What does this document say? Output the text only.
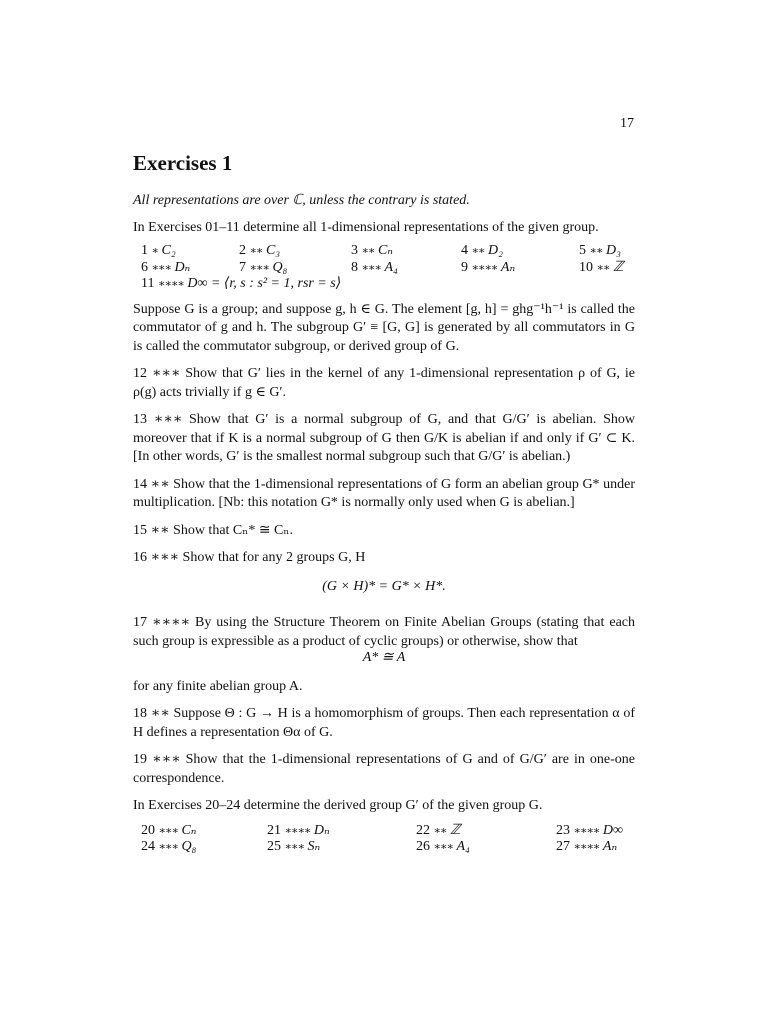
17
Exercises 1

All representations are over ℂ, unless the contrary is stated.

In Exercises 01–11 determine all 1-dimensional representations of the given group.

1 ∗ C₂	2 ∗∗ C₃	3 ∗∗ Cₙ	4 ∗∗ D₂	5 ∗∗ D₃
6 ∗∗∗ Dₙ	7 ∗∗∗ Q₈	8 ∗∗∗ A₄	9 ∗∗∗∗ Aₙ	10 ∗∗ ℤ
11 ∗∗∗∗ D∞ = ⟨r, s : s² = 1, rsr = s⟩

Suppose G is a group; and suppose g, h ∈ G. The element [g, h] = ghg⁻¹h⁻¹ is called the commutator of g and h. The subgroup G′ ≡ [G, G] is generated by all commutators in G is called the commutator subgroup, or derived group of G.

12 ∗∗∗ Show that G′ lies in the kernel of any 1-dimensional representation ρ of G, ie ρ(g) acts trivially if g ∈ G′.

13 ∗∗∗ Show that G′ is a normal subgroup of G, and that G/G′ is abelian. Show moreover that if K is a normal subgroup of G then G/K is abelian if and only if G′ ⊂ K. [In other words, G′ is the smallest normal subgroup such that G/G′ is abelian.)

14 ∗∗ Show that the 1-dimensional representations of G form an abelian group G* under multiplication. [Nb: this notation G* is normally only used when G is abelian.]

15 ∗∗ Show that Cₙ* ≅ Cₙ.

16 ∗∗∗ Show that for any 2 groups G, H

(G × H)* = G* × H*.

17 ∗∗∗∗ By using the Structure Theorem on Finite Abelian Groups (stating that each such group is expressible as a product of cyclic groups) or otherwise, show that

A* ≅ A

for any finite abelian group A.

18 ∗∗ Suppose Θ : G → H is a homomorphism of groups. Then each representation α of H defines a representation Θα of G.

19 ∗∗∗ Show that the 1-dimensional representations of G and of G/G′ are in one-one correspondence.

In Exercises 20–24 determine the derived group G′ of the given group G.

20 ∗∗∗ Cₙ	21 ∗∗∗∗ Dₙ	22 ∗∗ ℤ	23 ∗∗∗∗ D∞
24 ∗∗∗ Q₈	25 ∗∗∗ Sₙ	26 ∗∗∗ A₄	27 ∗∗∗∗ Aₙ
